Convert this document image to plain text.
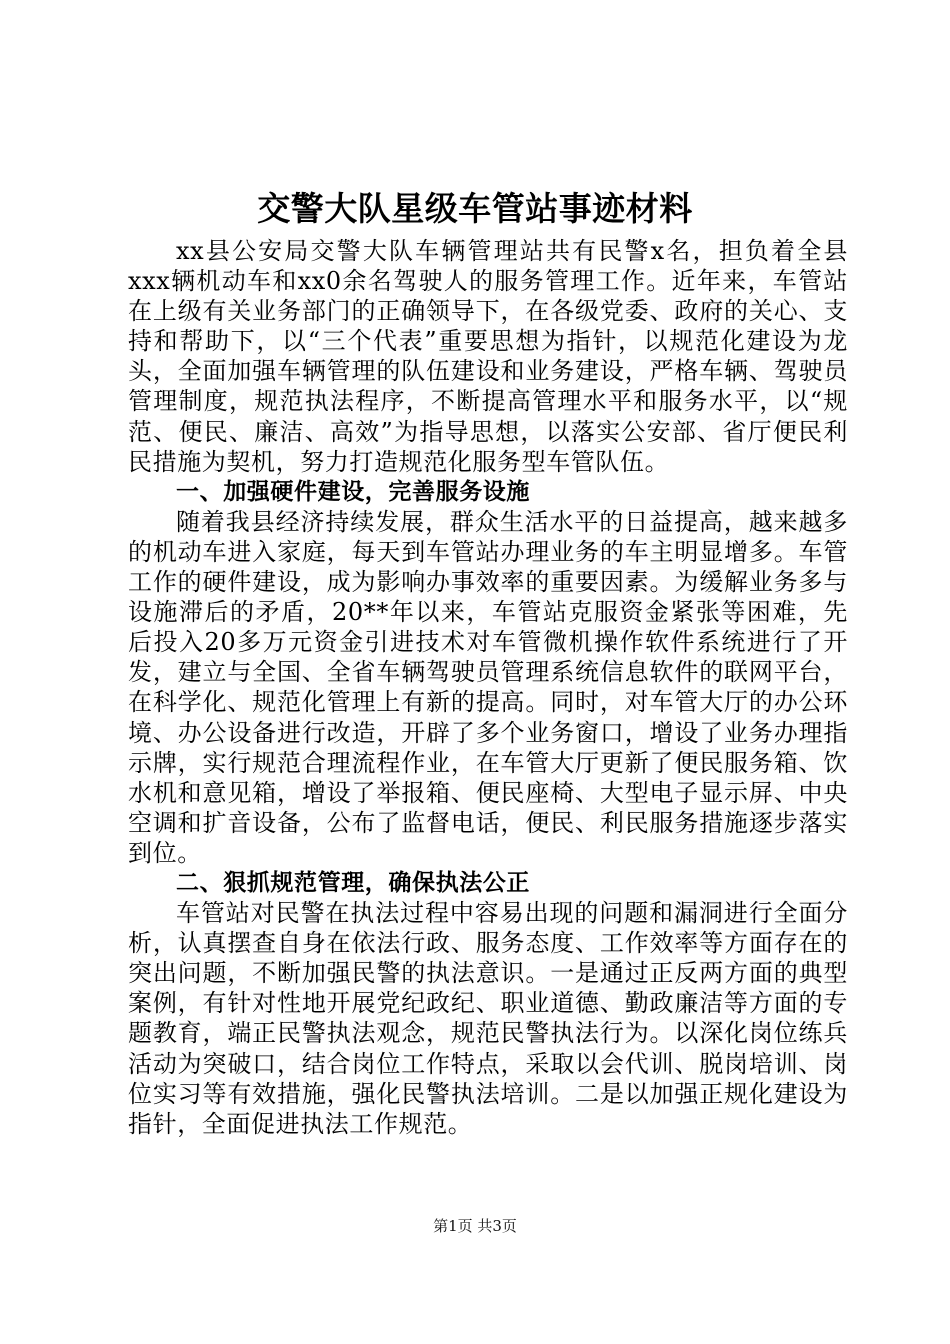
交警大队星级车管站事迹材料

xx县公安局交警大队车辆管理站共有民警x名，担负着全县xxx辆机动车和xx0余名驾驶人的服务管理工作。近年来，车管站在上级有关业务部门的正确领导下，在各级党委、政府的关心、支持和帮助下，以“三个代表”重要思想为指针，以规范化建设为龙头，全面加强车辆管理的队伍建设和业务建设，严格车辆、驾驶员管理制度，规范执法程序，不断提高管理水平和服务水平，以“规范、便民、廉洁、高效”为指导思想，以落实公安部、省厅便民利民措施为契机，努力打造规范化服务型车管队伍。

一、加强硬件建设，完善服务设施

随着我县经济持续发展，群众生活水平的日益提高，越来越多的机动车进入家庭，每天到车管站办理业务的车主明显增多。车管工作的硬件建设，成为影响办事效率的重要因素。为缓解业务多与设施滞后的矛盾，20**年以来，车管站克服资金紧张等困难，先后投入20多万元资金引进技术对车管微机操作软件系统进行了开发，建立与全国、全省车辆驾驶员管理系统信息软件的联网平台，在科学化、规范化管理上有新的提高。同时，对车管大厅的办公环境、办公设备进行改造，开辟了多个业务窗口，增设了业务办理指示牌，实行规范合理流程作业，在车管大厅更新了便民服务箱、饮水机和意见箱，增设了举报箱、便民座椅、大型电子显示屏、中央空调和扩音设备，公布了监督电话，便民、利民服务措施逐步落实到位。

二、狠抓规范管理，确保执法公正

车管站对民警在执法过程中容易出现的问题和漏洞进行全面分析，认真摆查自身在依法行政、服务态度、工作效率等方面存在的突出问题，不断加强民警的执法意识。一是通过正反两方面的典型案例，有针对性地开展党纪政纪、职业道德、勤政廉洁等方面的专题教育，端正民警执法观念，规范民警执法行为。以深化岗位练兵活动为突破口，结合岗位工作特点，采取以会代训、脱岗培训、岗位实习等有效措施，强化民警执法培训。二是以加强正规化建设为指针，全面促进执法工作规范。

第1页 共3页
